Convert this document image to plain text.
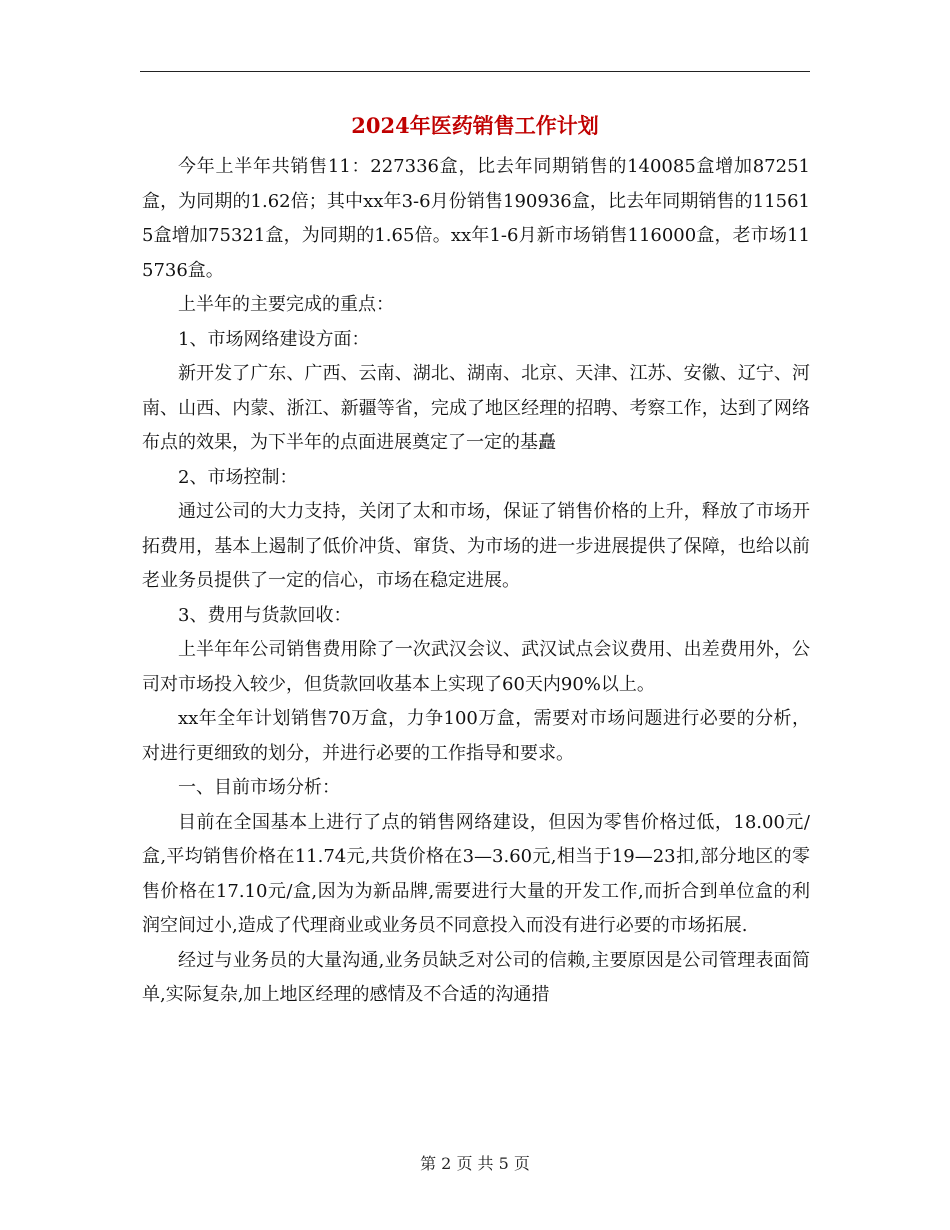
2024年医药销售工作计划

今年上半年共销售11：227336盒，比去年同期销售的140085盒增加87251盒，为同期的1.62倍；其中xx年3-6月份销售190936盒，比去年同期销售的115615盒增加75321盒，为同期的1.65倍。xx年1-6月新市场销售116000盒，老市场115736盒。

上半年的主要完成的重点：

1、市场网络建设方面：

新开发了广东、广西、云南、湖北、湖南、北京、天津、江苏、安徽、辽宁、河南、山西、内蒙、浙江、新疆等省，完成了地区经理的招聘、考察工作，达到了网络布点的效果，为下半年的点面进展奠定了一定的基矗

2、市场控制：

通过公司的大力支持，关闭了太和市场，保证了销售价格的上升，释放了市场开拓费用，基本上遏制了低价冲货、窜货、为市场的进一步进展提供了保障，也给以前老业务员提供了一定的信心，市场在稳定进展。

3、费用与货款回收：

上半年年公司销售费用除了一次武汉会议、武汉试点会议费用、出差费用外，公司对市场投入较少，但货款回收基本上实现了60天内90%以上。

xx年全年计划销售70万盒，力争100万盒，需要对市场问题进行必要的分析，对进行更细致的划分，并进行必要的工作指导和要求。

一、目前市场分析：

目前在全国基本上进行了点的销售网络建设，但因为零售价格过低，18.00元/盒,平均销售价格在11.74元,共货价格在3—3.60元,相当于19—23扣,部分地区的零售价格在17.10元/盒,因为为新品牌,需要进行大量的开发工作,而折合到单位盒的利润空间过小,造成了代理商业或业务员不同意投入而没有进行必要的市场拓展.

经过与业务员的大量沟通,业务员缺乏对公司的信赖,主要原因是公司管理表面简单,实际复杂,加上地区经理的感情及不合适的沟通措

第 2 页 共 5 页
